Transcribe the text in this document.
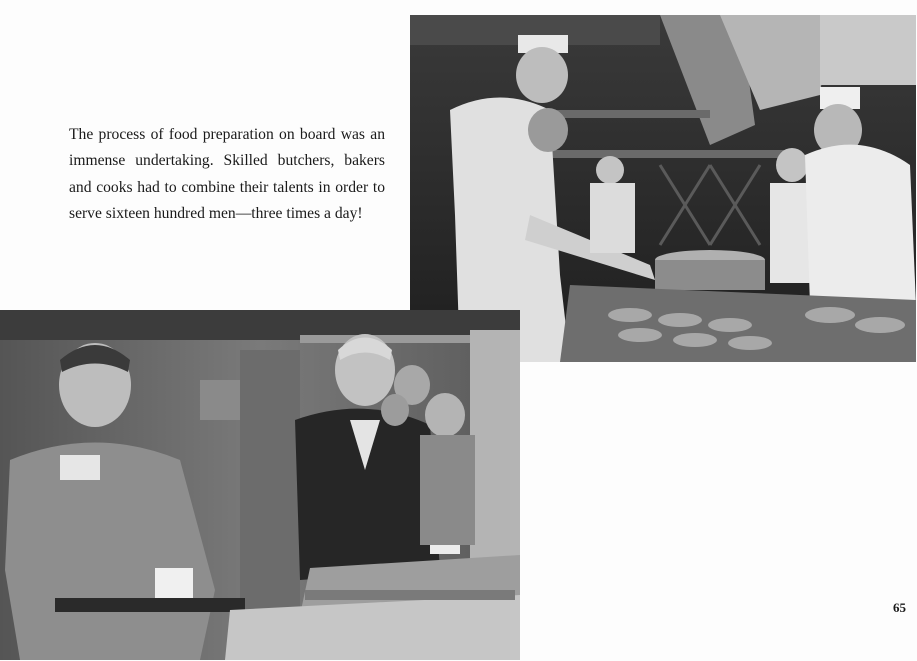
The process of food preparation on board was an immense undertaking. Skilled butchers, bakers and cooks had to combine their talents in order to serve sixteen hundred men—three times a day!

65
